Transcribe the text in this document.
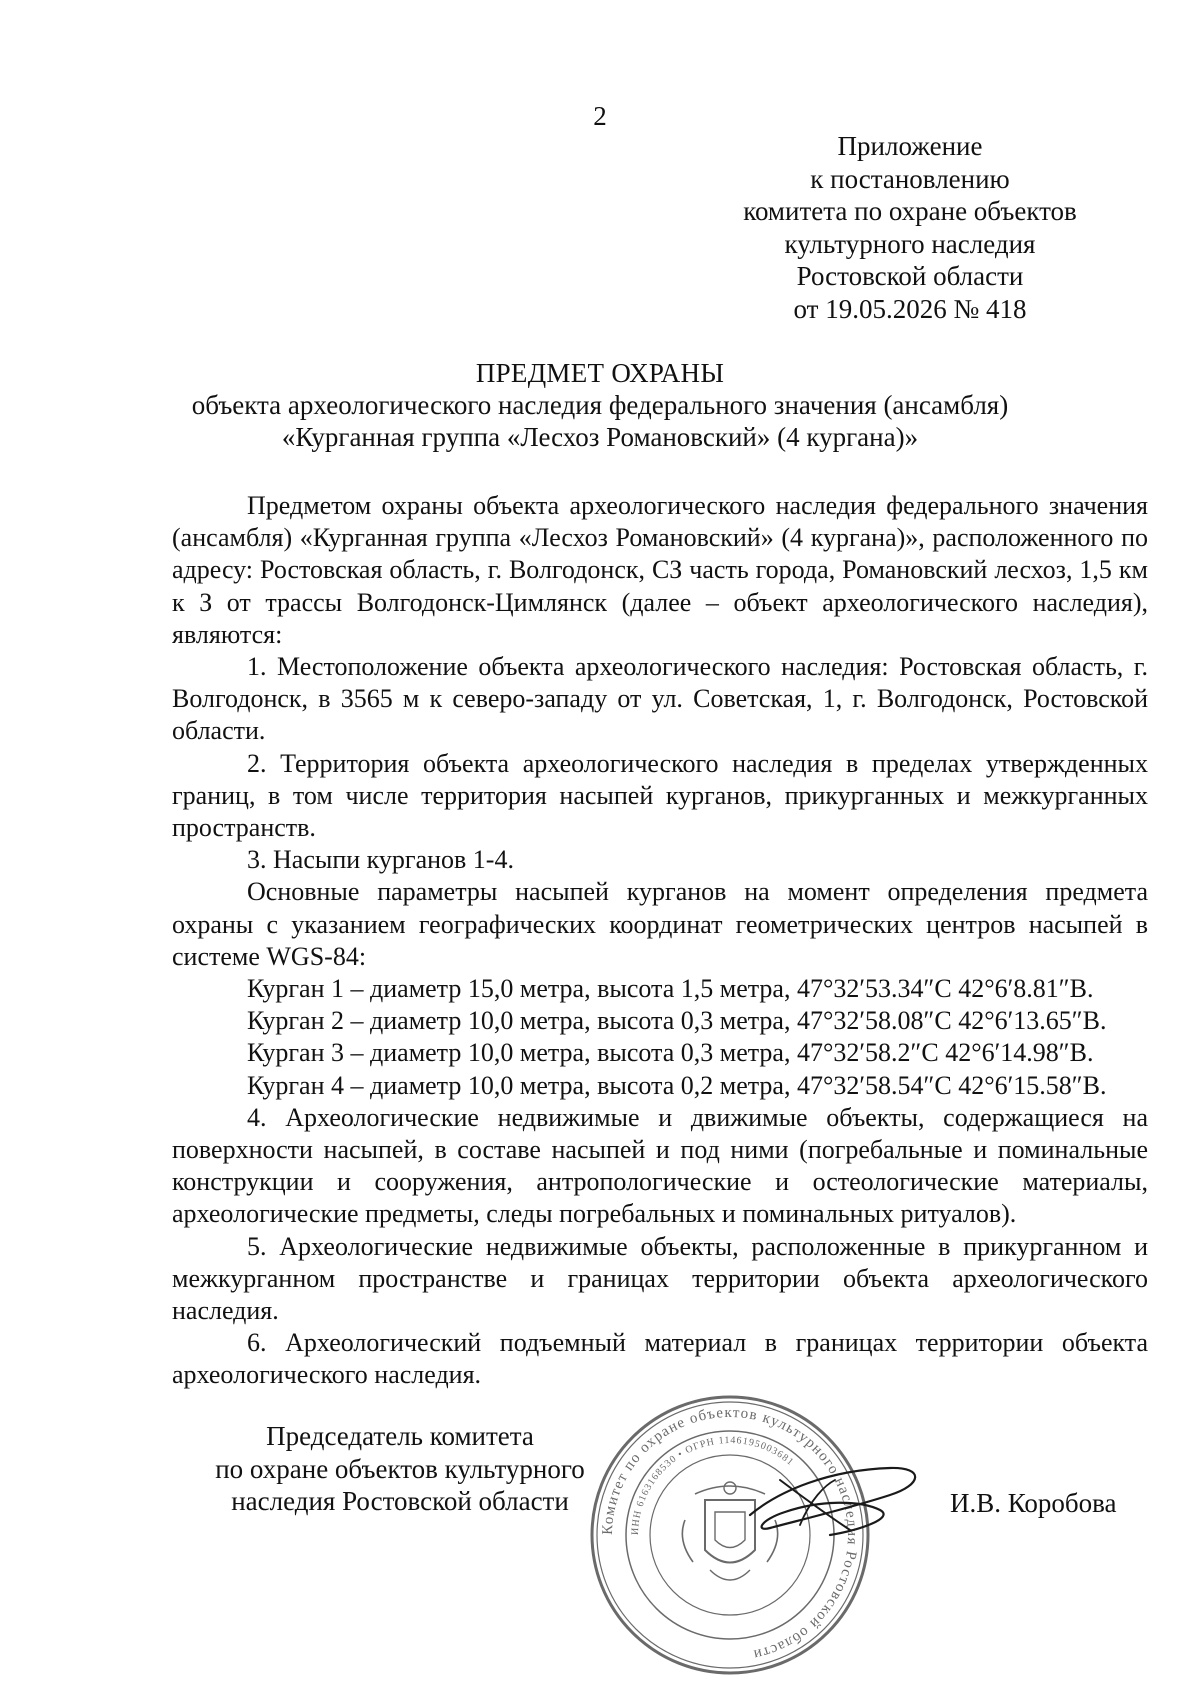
2
Приложение
к постановлению
комитета по охране объектов
культурного наследия
Ростовской области
от 19.05.2026 № 418
ПРЕДМЕТ ОХРАНЫ
объекта археологического наследия федерального значения (ансамбля)
«Курганная группа «Лесхоз Романовский» (4 кургана)»

Предметом охраны объекта археологического наследия федерального значения (ансамбля) «Курганная группа «Лесхоз Романовский» (4 кургана)», расположенного по адресу: Ростовская область, г. Волгодонск, СЗ часть города, Романовский лесхоз, 1,5 км к З от трассы Волгодонск-Цимлянск (далее – объект археологического наследия), являются:

1. Местоположение объекта археологического наследия: Ростовская область, г. Волгодонск, в 3565 м к северо-западу от ул. Советская, 1, г. Волгодонск, Ростовской области.

2. Территория объекта археологического наследия в пределах утвержденных границ, в том числе территория насыпей курганов, прикурганных и межкурганных пространств.

3. Насыпи курганов 1-4.

Основные параметры насыпей курганов на момент определения предмета охраны с указанием географических координат геометрических центров насыпей в системе WGS-84:

Курган 1 – диаметр 15,0 метра, высота 1,5 метра, 47°32′53.34″С 42°6′8.81″В.

Курган 2 – диаметр 10,0 метра, высота 0,3 метра, 47°32′58.08″С 42°6′13.65″В.

Курган 3 – диаметр 10,0 метра, высота 0,3 метра, 47°32′58.2″С 42°6′14.98″В.

Курган 4 – диаметр 10,0 метра, высота 0,2 метра, 47°32′58.54″С 42°6′15.58″В.

4. Археологические недвижимые и движимые объекты, содержащиеся на поверхности насыпей, в составе насыпей и под ними (погребальные и поминальные конструкции и сооружения, антропологические и остеологические материалы, археологические предметы, следы погребальных и поминальных ритуалов).

5. Археологические недвижимые объекты, расположенные в прикурганном и межкурганном пространстве и границах территории объекта археологического наследия.

6. Археологический подъемный материал в границах территории объекта археологического наследия.

Председатель комитета
по охране объектов культурного
наследия Ростовской области
Комитет по охране объектов культурного наследия Ростовской области
ИНН 6163168530 • ОГРН 1146195003681
И.В. Коробова
